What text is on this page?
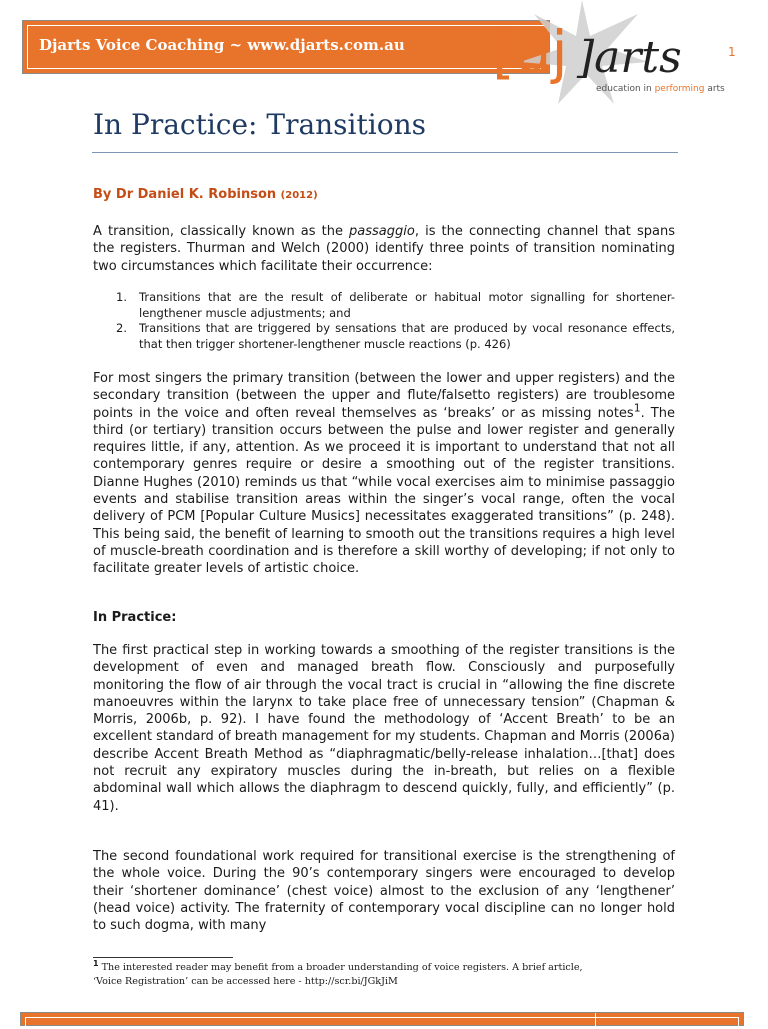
Djarts Voice Coaching ~ www.djarts.com.au [dj ]arts	1
education in performing arts
In Practice: Transitions
By Dr Daniel K. Robinson (2012)
A transition, classically known as the passaggio, is the connecting channel that spans the registers. Thurman and Welch (2000) identify three points of transition nominating two circumstances which facilitate their occurrence:
1. Transitions that are the result of deliberate or habitual motor signalling for shortener-lengthener muscle adjustments; and
2. Transitions that are triggered by sensations that are produced by vocal resonance effects, that then trigger shortener-lengthener muscle reactions (p. 426)
For most singers the primary transition (between the lower and upper registers) and the secondary transition (between the upper and flute/falsetto registers) are troublesome points in the voice and often reveal themselves as ‘breaks’ or as missing notes$^1$. The third (or tertiary) transition occurs between the pulse and lower register and generally requires little, if any, attention. As we proceed it is important to understand that not all contemporary genres require or desire a smoothing out of the register transitions. Dianne Hughes (2010) reminds us that “while vocal exercises aim to minimise passaggio events and stabilise transition areas within the singer’s vocal range, often the vocal delivery of PCM [Popular Culture Musics] necessitates exaggerated transitions” (p. 248). This being said, the benefit of learning to smooth out the transitions requires a high level of muscle-breath coordination and is therefore a skill worthy of developing; if not only to facilitate greater levels of artistic choice.
In Practice:
The first practical step in working towards a smoothing of the register transitions is the development of even and managed breath flow. Consciously and purposefully monitoring the flow of air through the vocal tract is crucial in “allowing the fine discrete manoeuvres within the larynx to take place free of unnecessary tension” (Chapman & Morris, 2006b, p. 92). I have found the methodology of ‘Accent Breath’ to be an excellent standard of breath management for my students. Chapman and Morris (2006a) describe Accent Breath Method as “diaphragmatic/belly-release inhalation…[that] does not recruit any expiratory muscles during the in-breath, but relies on a flexible abdominal wall which allows the diaphragm to descend quickly, fully, and efficiently” (p. 41).
The second foundational work required for transitional exercise is the strengthening of the whole voice. During the 90’s contemporary singers were encouraged to develop their ‘shortener dominance’ (chest voice) almost to the exclusion of any ‘lengthener’ (head voice) activity. The fraternity of contemporary vocal discipline can no longer hold to such dogma, with many
$^1$ The interested reader may benefit from a broader understanding of voice registers. A brief article, ‘Voice Registration’ can be accessed here - http://scr.bi/JGkJiM
